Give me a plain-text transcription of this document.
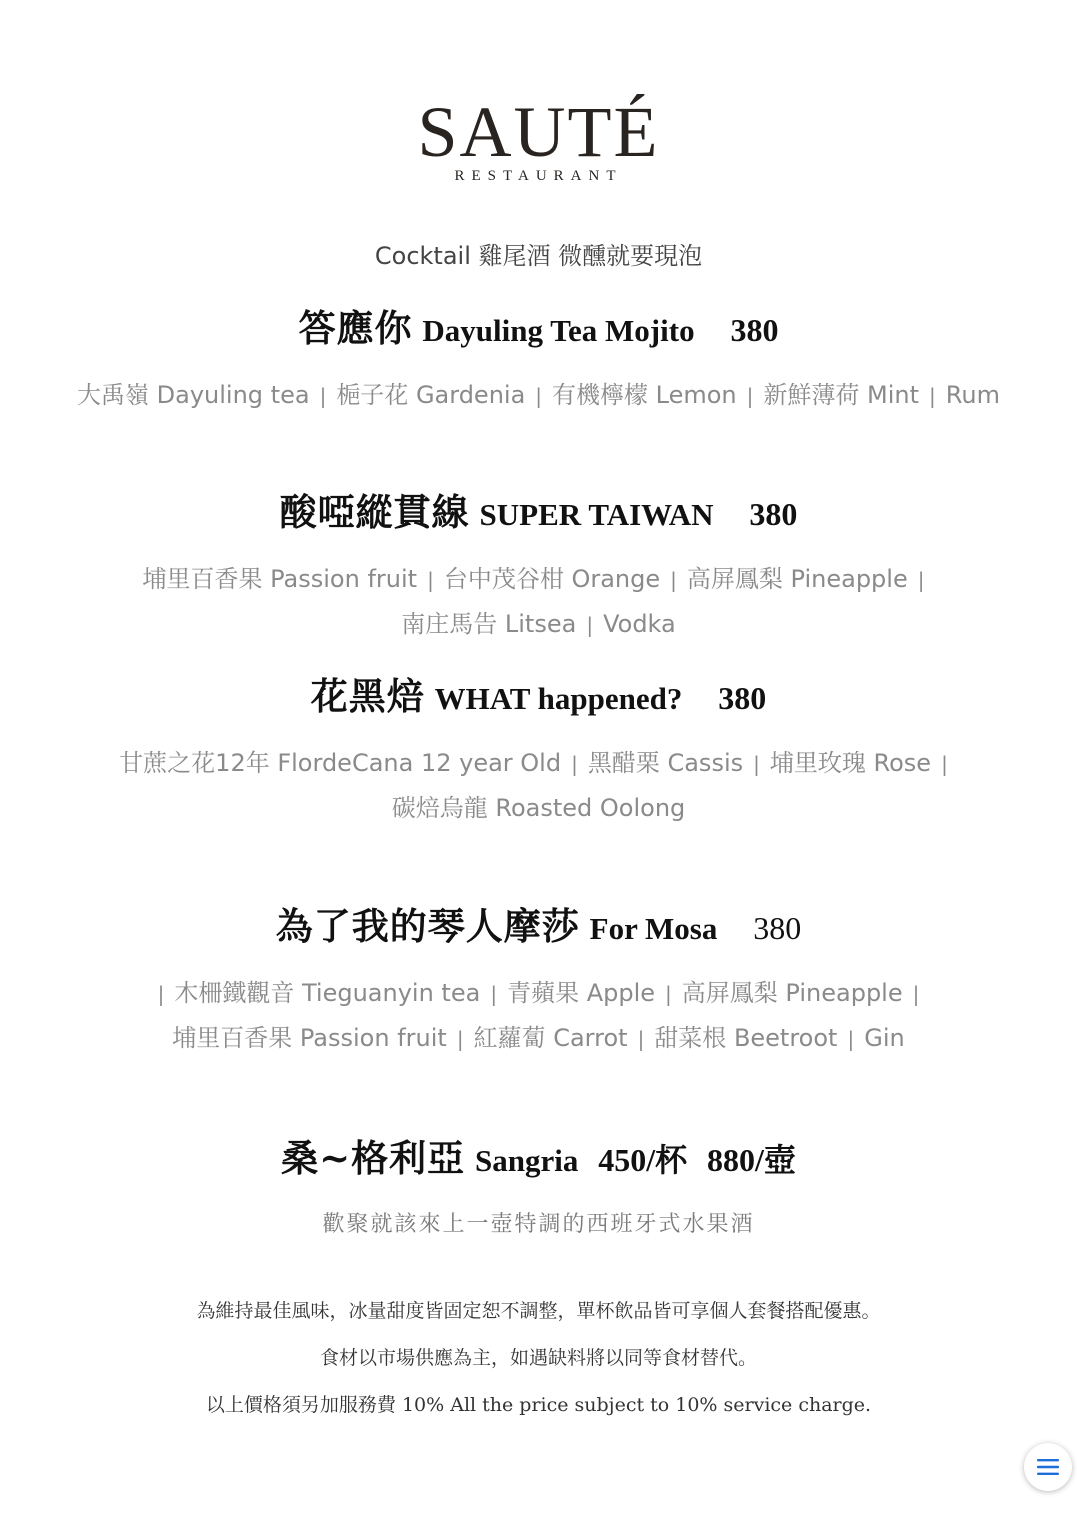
SAUTÉ
RESTAURANT
Cocktail 雞尾酒 微醺就要現泡
答應你 Dayuling Tea Mojito 380
大禹嶺 Dayuling tea | 梔子花 Gardenia | 有機檸檬 Lemon | 新鮮薄荷 Mint | Rum
酸啞縱貫線 SUPER TAIWAN 380
埔里百香果 Passion fruit | 台中茂谷柑 Orange | 高屏鳳梨 Pineapple |南庄馬告 Litsea | Vodka
花黑焙 WHAT happened? 380
甘蔗之花12年 FlordeCana 12 year Old | 黑醋栗 Cassis | 埔里玫瑰 Rose |碳焙烏龍 Roasted Oolong
為了我的琴人摩莎 For Mosa 380
| 木柵鐵觀音 Tieguanyin tea | 青蘋果 Apple | 高屏鳳梨 Pineapple |埔里百香果 Passion fruit | 紅蘿蔔 Carrot | 甜菜根 Beetroot | Gin
桑~格利亞 Sangria 450/杯 880/壺
歡聚就該來上一壺特調的西班牙式水果酒
為維持最佳風味，冰量甜度皆固定恕不調整，單杯飲品皆可享個人套餐搭配優惠。
食材以市場供應為主，如遇缺料將以同等食材替代。
以上價格須另加服務費 10% All the price subject to 10% service charge.
